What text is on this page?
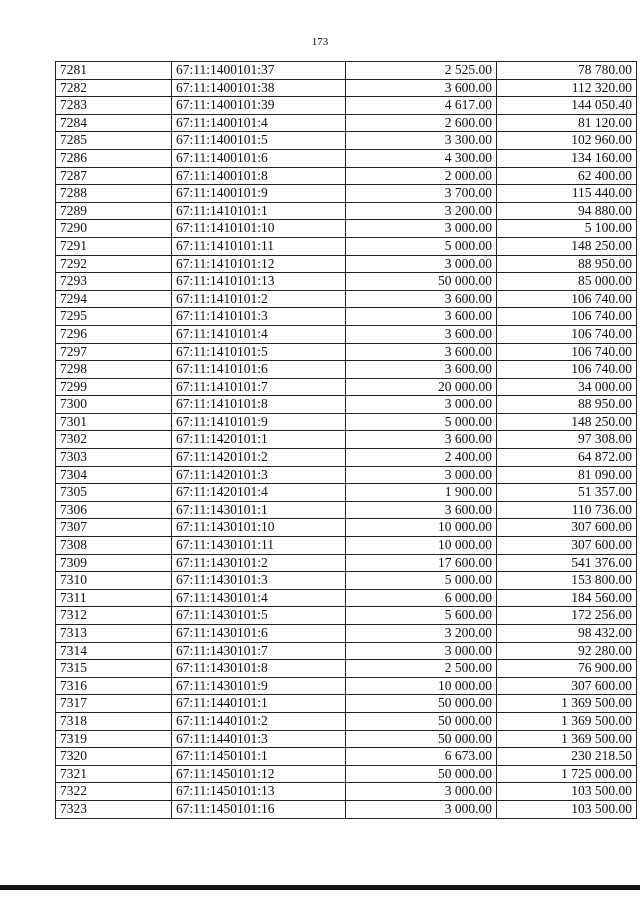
173
7281	67:11:1400101:37	2 525.00	78 780.00
7282	67:11:1400101:38	3 600.00	112 320.00
7283	67:11:1400101:39	4 617.00	144 050.40
7284	67:11:1400101:4	2 600.00	81 120.00
7285	67:11:1400101:5	3 300.00	102 960.00
7286	67:11:1400101:6	4 300.00	134 160.00
7287	67:11:1400101:8	2 000.00	62 400.00
7288	67:11:1400101:9	3 700.00	115 440.00
7289	67:11:1410101:1	3 200.00	94 880.00
7290	67:11:1410101:10	3 000.00	5 100.00
7291	67:11:1410101:11	5 000.00	148 250.00
7292	67:11:1410101:12	3 000.00	88 950.00
7293	67:11:1410101:13	50 000.00	85 000.00
7294	67:11:1410101:2	3 600.00	106 740.00
7295	67:11:1410101:3	3 600.00	106 740.00
7296	67:11:1410101:4	3 600.00	106 740.00
7297	67:11:1410101:5	3 600.00	106 740.00
7298	67:11:1410101:6	3 600.00	106 740.00
7299	67:11:1410101:7	20 000.00	34 000.00
7300	67:11:1410101:8	3 000.00	88 950.00
7301	67:11:1410101:9	5 000.00	148 250.00
7302	67:11:1420101:1	3 600.00	97 308.00
7303	67:11:1420101:2	2 400.00	64 872.00
7304	67:11:1420101:3	3 000.00	81 090.00
7305	67:11:1420101:4	1 900.00	51 357.00
7306	67:11:1430101:1	3 600.00	110 736.00
7307	67:11:1430101:10	10 000.00	307 600.00
7308	67:11:1430101:11	10 000.00	307 600.00
7309	67:11:1430101:2	17 600.00	541 376.00
7310	67:11:1430101:3	5 000.00	153 800.00
7311	67:11:1430101:4	6 000.00	184 560.00
7312	67:11:1430101:5	5 600.00	172 256.00
7313	67:11:1430101:6	3 200.00	98 432.00
7314	67:11:1430101:7	3 000.00	92 280.00
7315	67:11:1430101:8	2 500.00	76 900.00
7316	67:11:1430101:9	10 000.00	307 600.00
7317	67:11:1440101:1	50 000.00	1 369 500.00
7318	67:11:1440101:2	50 000.00	1 369 500.00
7319	67:11:1440101:3	50 000.00	1 369 500.00
7320	67:11:1450101:1	6 673.00	230 218.50
7321	67:11:1450101:12	50 000.00	1 725 000.00
7322	67:11:1450101:13	3 000.00	103 500.00
7323	67:11:1450101:16	3 000.00	103 500.00
